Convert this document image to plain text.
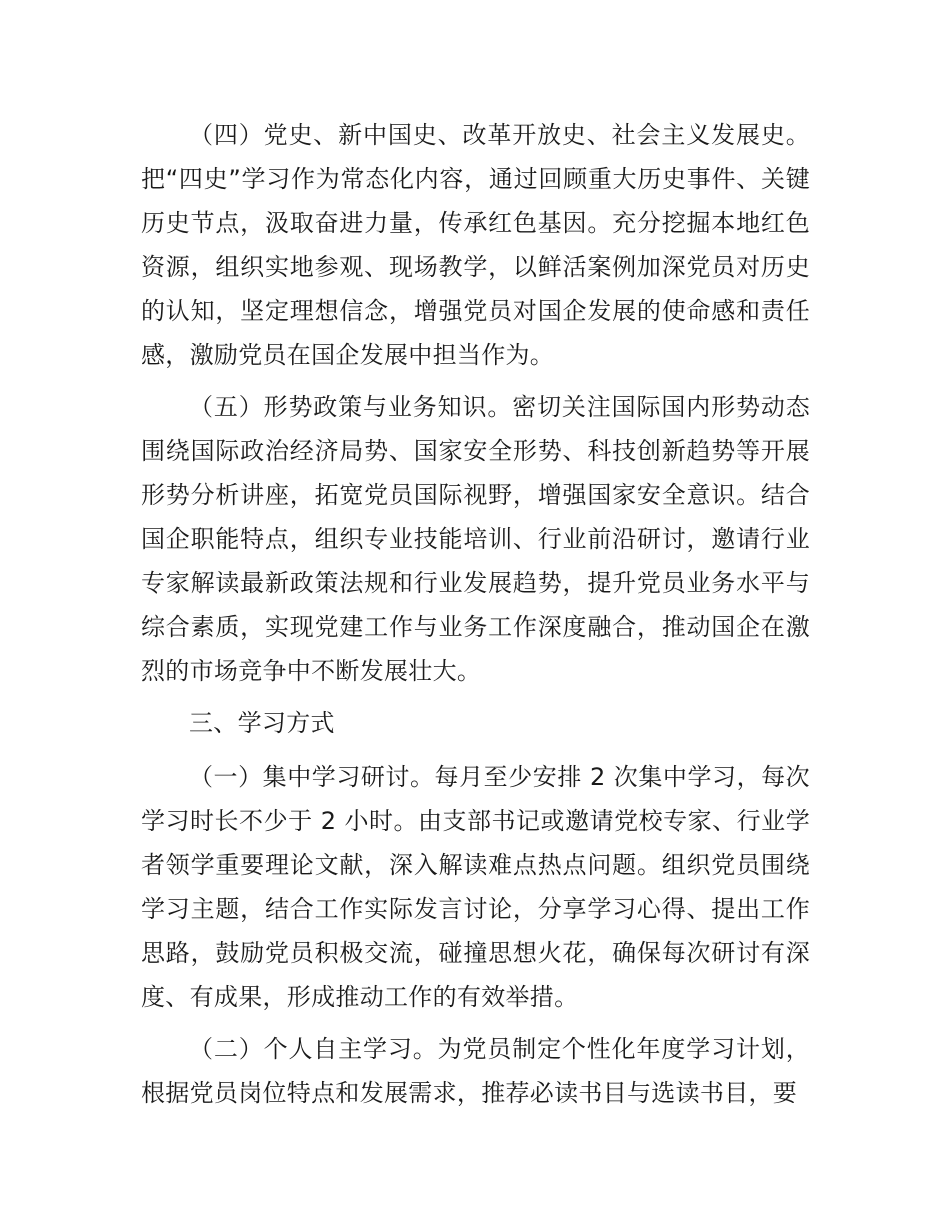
（四）党史、新中国史、改革开放史、社会主义发展史。把“四史”学习作为常态化内容，通过回顾重大历史事件、关键历史节点，汲取奋进力量，传承红色基因。充分挖掘本地红色资源，组织实地参观、现场教学，以鲜活案例加深党员对历史的认知，坚定理想信念，增强党员对国企发展的使命感和责任感，激励党员在国企发展中担当作为。

（五）形势政策与业务知识。密切关注国际国内形势动态围绕国际政治经济局势、国家安全形势、科技创新趋势等开展形势分析讲座，拓宽党员国际视野，增强国家安全意识。结合国企职能特点，组织专业技能培训、行业前沿研讨，邀请行业专家解读最新政策法规和行业发展趋势，提升党员业务水平与综合素质，实现党建工作与业务工作深度融合，推动国企在激烈的市场竞争中不断发展壮大。

三、学习方式

（一）集中学习研讨。每月至少安排 2 次集中学习，每次学习时长不少于 2 小时。由支部书记或邀请党校专家、行业学者领学重要理论文献，深入解读难点热点问题。组织党员围绕学习主题，结合工作实际发言讨论，分享学习心得、提出工作思路，鼓励党员积极交流，碰撞思想火花，确保每次研讨有深度、有成果，形成推动工作的有效举措。

（二）个人自主学习。为党员制定个性化年度学习计划，根据党员岗位特点和发展需求，推荐必读书目与选读书目，要
